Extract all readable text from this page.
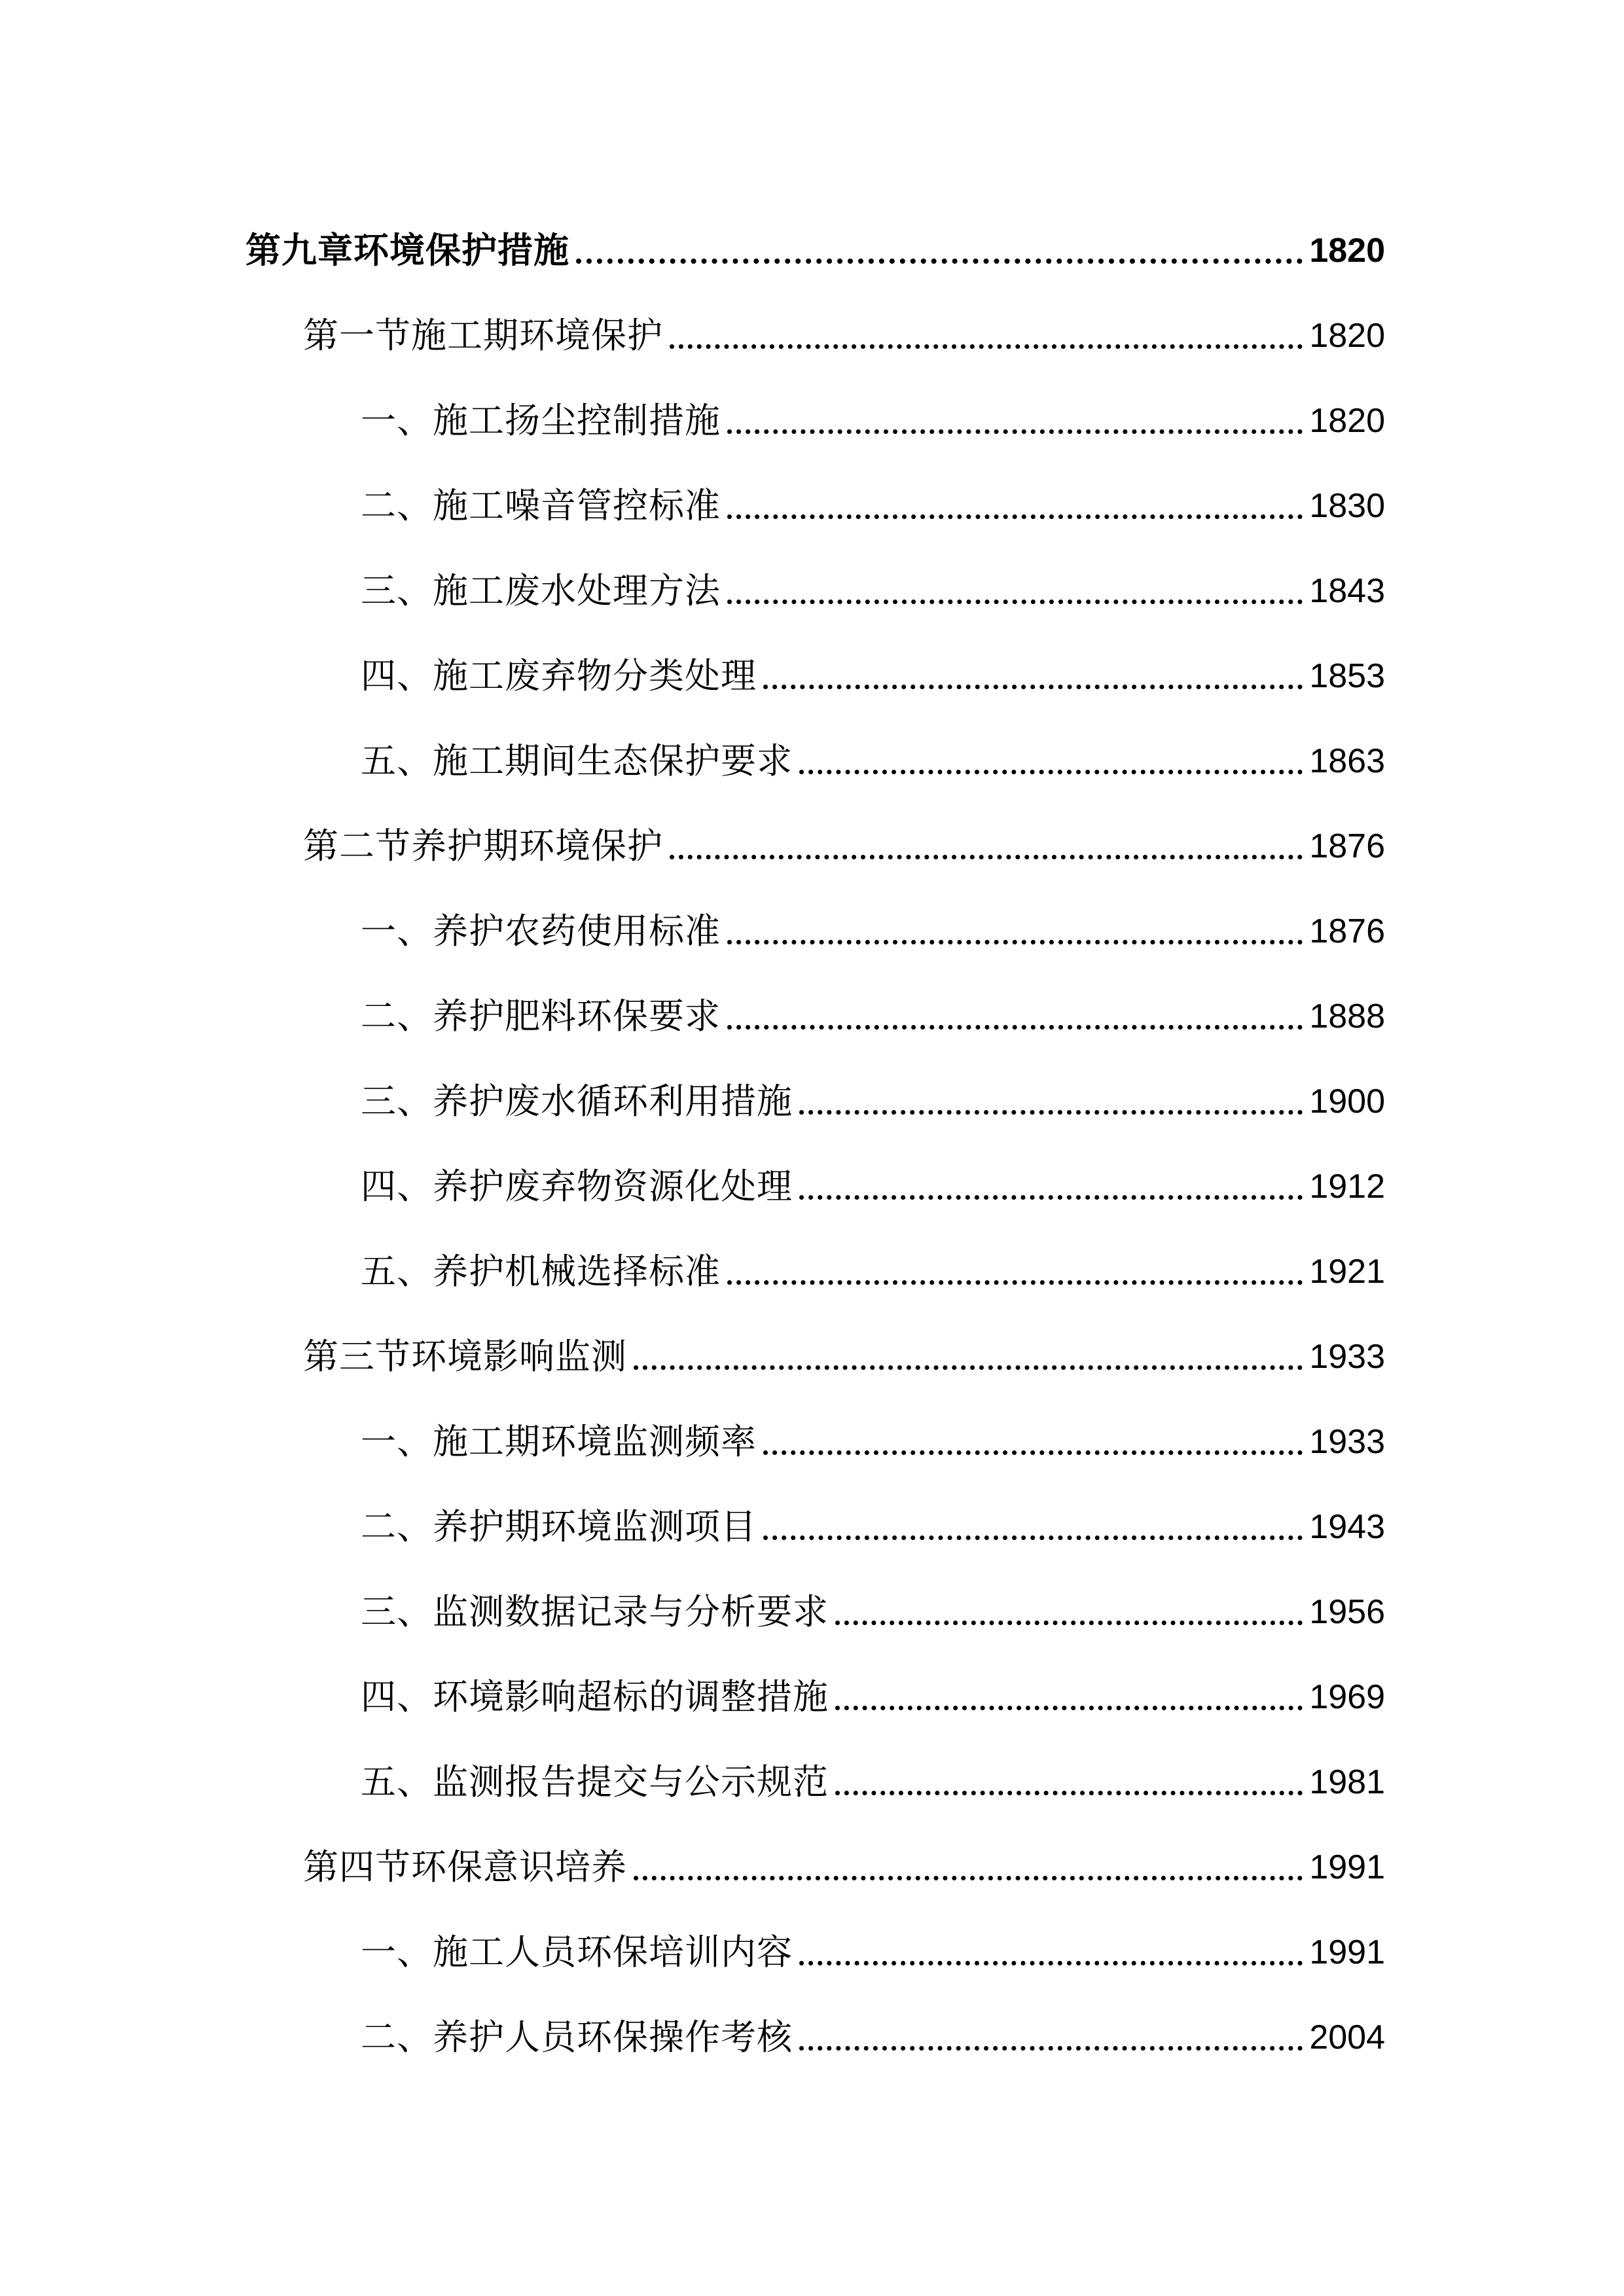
第九章环境保护措施	1820
第一节施工期环境保护	1820
一、施工扬尘控制措施	1820
二、施工噪音管控标准	1830
三、施工废水处理方法	1843
四、施工废弃物分类处理	1853
五、施工期间生态保护要求	1863
第二节养护期环境保护	1876
一、养护农药使用标准	1876
二、养护肥料环保要求	1888
三、养护废水循环利用措施	1900
四、养护废弃物资源化处理	1912
五、养护机械选择标准	1921
第三节环境影响监测	1933
一、施工期环境监测频率	1933
二、养护期环境监测项目	1943
三、监测数据记录与分析要求	1956
四、环境影响超标的调整措施	1969
五、监测报告提交与公示规范	1981
第四节环保意识培养	1991
一、施工人员环保培训内容	1991
二、养护人员环保操作考核	2004
